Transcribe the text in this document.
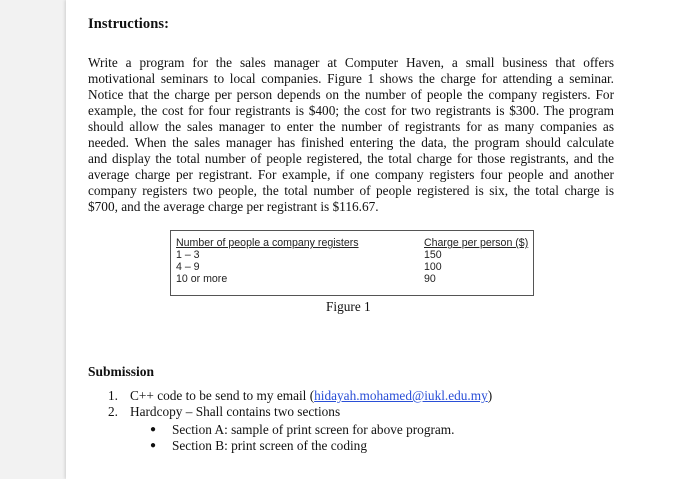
Instructions:
Write a program for the sales manager at Computer Haven, a small business that offers
motivational seminars to local companies. Figure 1 shows the charge for attending a seminar.
Notice that the charge per person depends on the number of people the company registers. For
example, the cost for four registrants is $400; the cost for two registrants is $300. The program
should allow the sales manager to enter the number of registrants for as many companies as
needed. When the sales manager has finished entering the data, the program should calculate
and display the total number of people registered, the total charge for those registrants, and the
average charge per registrant. For example, if one company registers four people and another
company registers two people, the total number of people registered is six, the total charge is
$700, and the average charge per registrant is $116.67.
Number of people a company registers
1 – 3
4 – 9
10 or more
Charge per person ($)
150
100
90
Figure 1
Submission
1. C++ code to be send to my email (hidayah.mohamed@iukl.edu.my)
2. Hardcopy – Shall contains two sections
●	Section A: sample of print screen for above program.
●	Section B: print screen of the coding
